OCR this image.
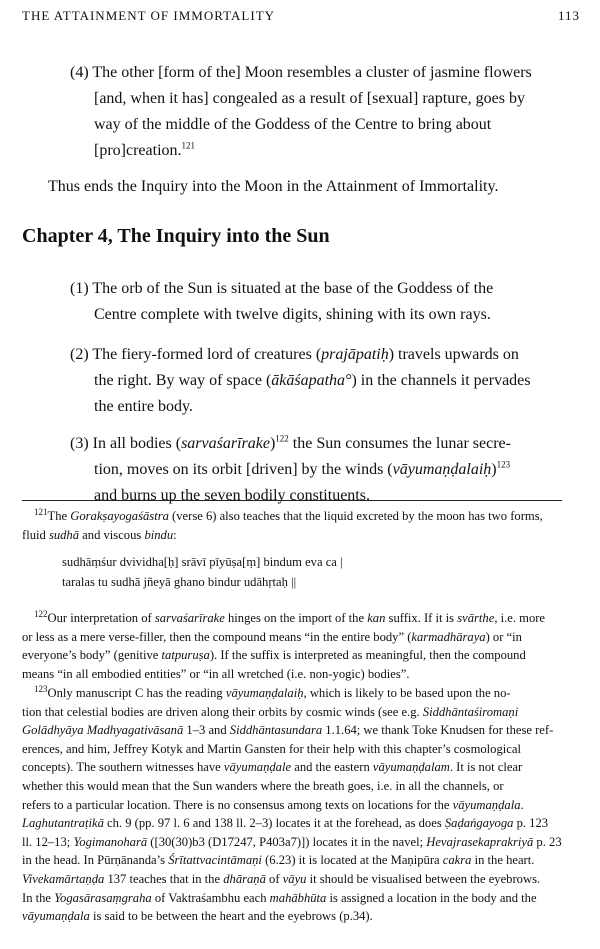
THE ATTAINMENT OF IMMORTALITY	113
(4) The other [form of the] Moon resembles a cluster of jasmine flowers
[and, when it has] congealed as a result of [sexual] rapture, goes by
way of the middle of the Goddess of the Centre to bring about
[pro]creation.$^{121}$
Thus ends the Inquiry into the Moon in the Attainment of Immortality.
Chapter 4, The Inquiry into the Sun
(1) The orb of the Sun is situated at the base of the Goddess of the
Centre complete with twelve digits, shining with its own rays.
(2) The fiery-formed lord of creatures (prajāpatiḥ) travels upwards on
the right. By way of space (ākāśapatha°) in the channels it pervades
the entire body.
(3) In all bodies (sarvaśarīrake)$^{122}$ the Sun consumes the lunar secre-
tion, moves on its orbit [driven] by the winds (vāyumaṇḍalaiḥ)$^{123}$
and burns up the seven bodily constituents.
$^{121}$The Gorakṣayogaśāstra (verse 6) also teaches that the liquid excreted by the moon has two forms,
fluid sudhā and viscous bindu:
sudhāṃśur dvividha[ḥ] srāvī pīyūṣa[ṃ] bindum eva ca |
taralas tu sudhā jñeyā ghano bindur udāhṛtaḥ ||
$^{122}$Our interpretation of sarvaśarīrake hinges on the import of the kan suffix. If it is svārthe, i.e. more
or less as a mere verse-filler, then the compound means “in the entire body” (karmadhāraya) or “in
everyone’s body” (genitive tatpuruṣa). If the suffix is interpreted as meaningful, then the compound
means “in all embodied entities” or “in all wretched (i.e. non-yogic) bodies”.
$^{123}$Only manuscript C has the reading vāyumaṇḍalaiḥ, which is likely to be based upon the no-
tion that celestial bodies are driven along their orbits by cosmic winds (see e.g. Siddhāntaśiromaṇi
Golādhyāya Madhyagativāsanā 1–3 and Siddhāntasundara 1.1.64; we thank Toke Knudsen for these ref-
erences, and him, Jeffrey Kotyk and Martin Gansten for their help with this chapter’s cosmological
concepts). The southern witnesses have vāyumaṇḍale and the eastern vāyumaṇḍalam. It is not clear
whether this would mean that the Sun wanders where the breath goes, i.e. in all the channels, or
refers to a particular location. There is no consensus among texts on locations for the vāyumaṇḍala.
Laghutantraṭikā ch. 9 (pp. 97 l. 6 and 138 ll. 2–3) locates it at the forehead, as does Ṣaḍaṅgayoga p. 123
ll. 12–13; Yogimanoharā ([30(30)b3 (D17247, P403a7)]) locates it in the navel; Hevajrasekaprakriyā p. 23
in the head. In Pūrṇānanda’s Śrītattvacintāmaṇi (6.23) it is located at the Maṇipūra cakra in the heart.
Vivekamārtaṇḍa 137 teaches that in the dhāraṇā of vāyu it should be visualised between the eyebrows.
In the Yogasārasaṃgraha of Vaktraśambhu each mahābhūta is assigned a location in the body and the
vāyumaṇḍala is said to be between the heart and the eyebrows (p.34).
